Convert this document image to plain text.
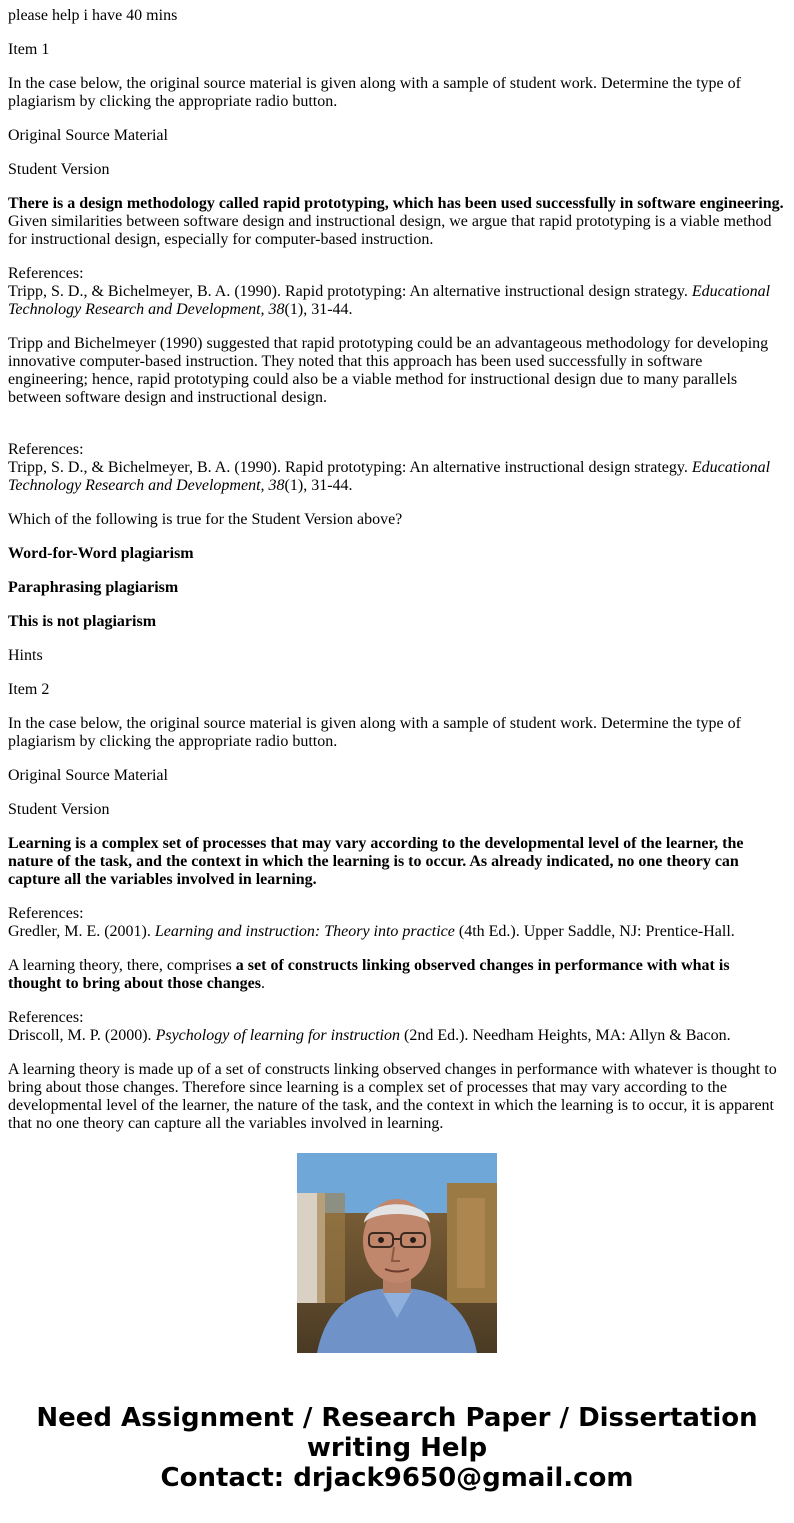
please help i have 40 mins

Item 1

In the case below, the original source material is given along with a sample of student work. Determine the type of plagiarism by clicking the appropriate radio button.

Original Source Material

Student Version

There is a design methodology called rapid prototyping, which has been used successfully in software engineering. Given similarities between software design and instructional design, we argue that rapid prototyping is a viable method for instructional design, especially for computer-based instruction.

References:
Tripp, S. D., & Bichelmeyer, B. A. (1990). Rapid prototyping: An alternative instructional design strategy. Educational Technology Research and Development, 38(1), 31-44.

Tripp and Bichelmeyer (1990) suggested that rapid prototyping could be an advantageous methodology for developing innovative computer-based instruction. They noted that this approach has been used successfully in software engineering; hence, rapid prototyping could also be a viable method for instructional design due to many parallels between software design and instructional design.

References:
Tripp, S. D., & Bichelmeyer, B. A. (1990). Rapid prototyping: An alternative instructional design strategy. Educational Technology Research and Development, 38(1), 31-44.

Which of the following is true for the Student Version above?

Word-for-Word plagiarism

Paraphrasing plagiarism

This is not plagiarism

Hints

Item 2

In the case below, the original source material is given along with a sample of student work. Determine the type of plagiarism by clicking the appropriate radio button.

Original Source Material

Student Version

Learning is a complex set of processes that may vary according to the developmental level of the learner, the nature of the task, and the context in which the learning is to occur. As already indicated, no one theory can capture all the variables involved in learning.

References:
Gredler, M. E. (2001). Learning and instruction: Theory into practice (4th Ed.). Upper Saddle, NJ: Prentice-Hall.

A learning theory, there, comprises a set of constructs linking observed changes in performance with what is thought to bring about those changes.

References:
Driscoll, M. P. (2000). Psychology of learning for instruction (2nd Ed.). Needham Heights, MA: Allyn & Bacon.

A learning theory is made up of a set of constructs linking observed changes in performance with whatever is thought to bring about those changes. Therefore since learning is a complex set of processes that may vary according to the developmental level of the learner, the nature of the task, and the context in which the learning is to occur, it is apparent that no one theory can capture all the variables involved in learning.

Need Assignment / Research Paper / Dissertation
writing Help
Contact: drjack9650@gmail.com
